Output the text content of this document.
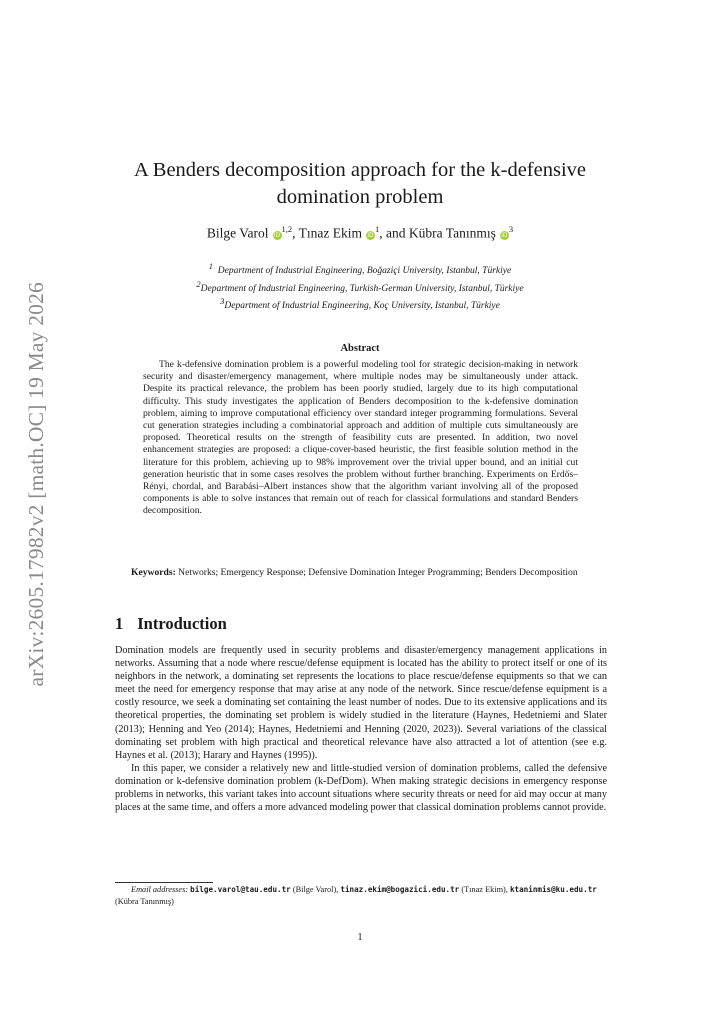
arXiv:2605.17982v2 [math.OC] 19 May 2026
A Benders decomposition approach for the k-defensive
domination problem
Bilge Varol iD$^{1,2}$, Tınaz Ekim $iD^1$, and Kübra Tanınmış $iD^3$
$^1$  Department of Industrial Engineering, Boğaziçi University, Istanbul, Türkiye
$^2$Department of Industrial Engineering, Turkish-German University, Istanbul, Türkiye
$^3$Department of Industrial Engineering, Koç University, Istanbul, Türkiye
Abstract

The k-defensive domination problem is a powerful modeling tool for strategic decision-making in network security and disaster/emergency management, where multiple nodes may be simultaneously under attack. Despite its practical relevance, the problem has been poorly studied, largely due to its high computational difficulty. This study investigates the application of Benders decomposition to the k-defensive domination problem, aiming to improve computational efficiency over standard integer programming formulations. Several cut generation strategies including a combinatorial approach and addition of multiple cuts simultaneously are proposed. Theoretical results on the strength of feasibility cuts are presented. In addition, two novel enhancement strategies are proposed: a clique-cover-based heuristic, the first feasible solution method in the literature for this problem, achieving up to 98% improvement over the trivial upper bound, and an initial cut generation heuristic that in some cases resolves the problem without further branching. Experiments on Erdős–Rényi, chordal, and Barabási–Albert instances show that the algorithm variant involving all of the proposed components is able to solve instances that remain out of reach for classical formulations and standard Benders decomposition.

Keywords: Networks; Emergency Response; Defensive Domination Integer Programming; Benders Decomposition

1 Introduction

Domination models are frequently used in security problems and disaster/emergency management applications in networks. Assuming that a node where rescue/defense equipment is located has the ability to protect itself or one of its neighbors in the network, a dominating set represents the locations to place rescue/defense equipments so that we can meet the need for emergency response that may arise at any node of the network. Since rescue/defense equipment is a costly resource, we seek a dominating set containing the least number of nodes. Due to its extensive applications and its theoretical properties, the dominating set problem is widely studied in the literature (Haynes, Hedetniemi and Slater (2013); Henning and Yeo (2014); Haynes, Hedetniemi and Henning (2020, 2023)). Several variations of the classical dominating set problem with high practical and theoretical relevance have also attracted a lot of attention (see e.g. Haynes et al. (2013); Harary and Haynes (1995)).

In this paper, we consider a relatively new and little-studied version of domination problems, called the defensive domination or k-defensive domination problem (k-DefDom). When making strategic decisions in emergency response problems in networks, this variant takes into account situations where security threats or need for aid may occur at many places at the same time, and offers a more advanced modeling power that classical domination problems cannot provide.

Email addresses: bilge.varol@tau.edu.tr (Bilge Varol), tinaz.ekim@bogazici.edu.tr (Tınaz Ekim), ktaninmis@ku.edu.tr (Kübra Tanınmış)

1
